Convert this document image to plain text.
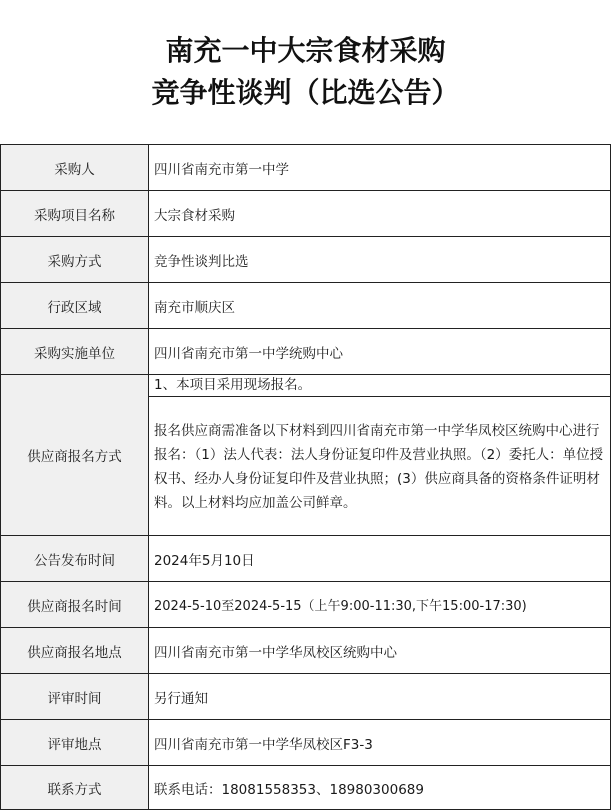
南充一中大宗食材采购
竞争性谈判（比选公告）
采购人	四川省南充市第一中学
采购项目名称	大宗食材采购
采购方式	竞争性谈判比选
行政区域	南充市顺庆区
采购实施单位	四川省南充市第一中学统购中心
供应商报名方式	1、本项目采用现场报名。
报名供应商需准备以下材料到四川省南充市第一中学华凤校区统购中心进行报名：（1）法人代表：法人身份证复印件及营业执照。（2）委托人：单位授权书、经办人身份证复印件及营业执照；(3）供应商具备的资格条件证明材料。以上材料均应加盖公司鲜章。

公告发布时间	2024年5月10日
供应商报名时间	2024-5-10至2024-5-15（上午9:00-11:30,下午15:00-17:30)
供应商报名地点	四川省南充市第一中学华凤校区统购中心
评审时间	另行通知
评审地点	四川省南充市第一中学华凤校区F3-3
联系方式	联系电话：18081558353、18980300689
